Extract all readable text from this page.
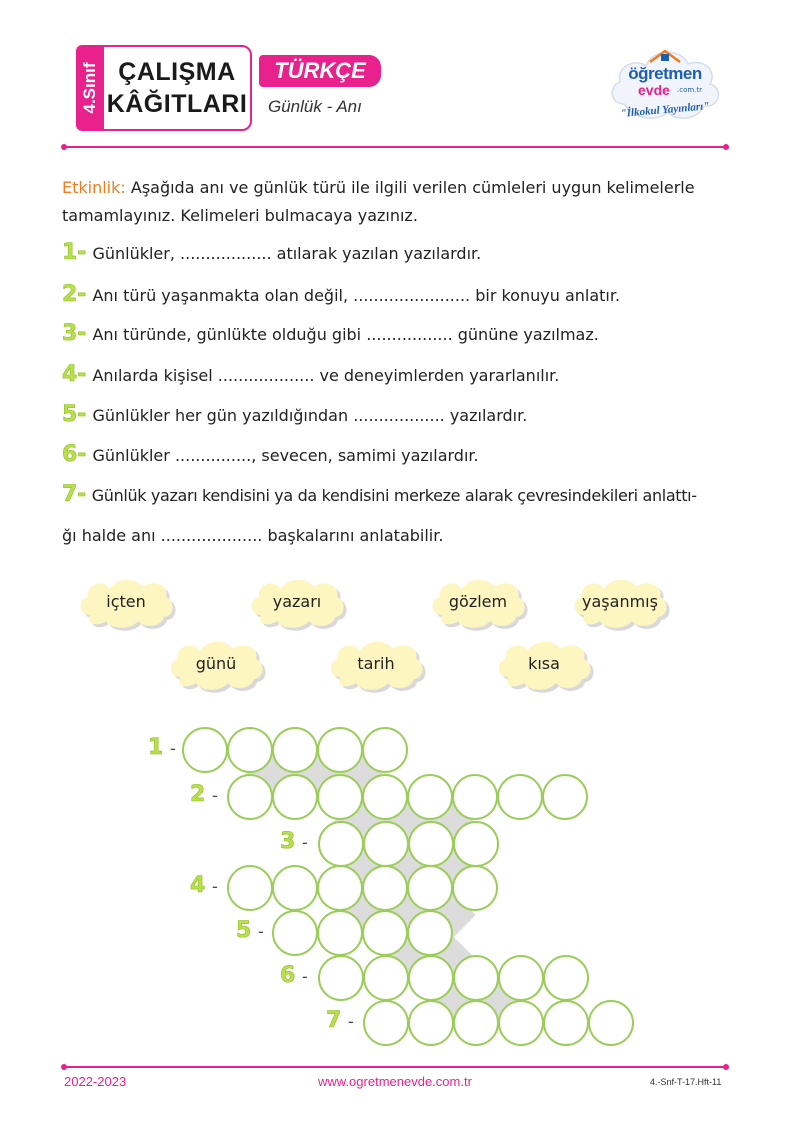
4.Sınıf ÇALIŞMA
KÂĞITLARI
TÜRKÇE
Günlük - Anı
öğretmen
evde .com.tr
"İlkokul Yayınları"
Etkinlik: Aşağıda anı ve günlük türü ile ilgili verilen cümleleri uygun kelimelerle tamamlayınız. Kelimeleri bulmacaya yazınız.
1- Günlükler, .................. atılarak yazılan yazılardır.
2- Anı türü yaşanmakta olan değil, ....................... bir konuyu anlatır.
3- Anı türünde, günlükte olduğu gibi ................. gününe yazılmaz.
4- Anılarda kişisel ................... ve deneyimlerden yararlanılır.
5- Günlükler her gün yazıldığından .................. yazılardır.
6- Günlükler ..............., sevecen, samimi yazılardır.
7- Günlük yazarı kendisini ya da kendisini merkeze alarak çevresindekileri anlattı-
ğı halde anı .................... başkalarını anlatabilir.
içten	yazarı	gözlem	yaşanmış
günü	tarih	kısa
1 -
2 -
3 -
4 -
5 -
6 -
7 -
2022-2023	www.ogretmenevde.com.tr	4.-Snf-T-17.Hft-11
